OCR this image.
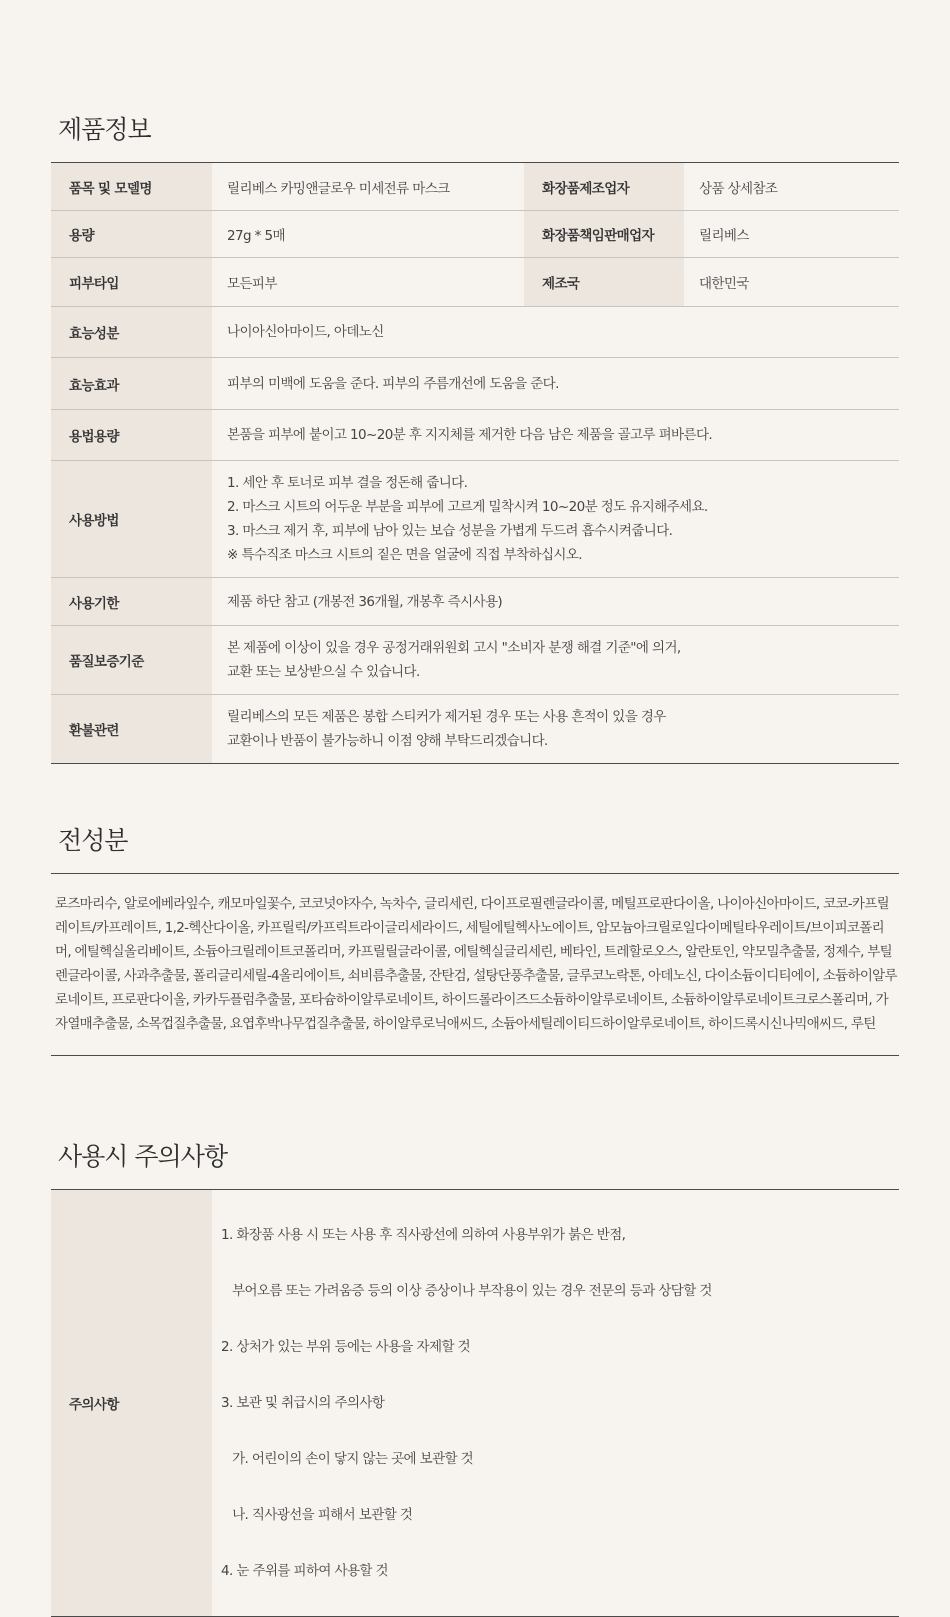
제품정보
품목 및 모델명	릴리베스 카밍앤글로우 미세전류 마스크	화장품제조업자	상품 상세참조
용량	27g * 5매	화장품책임판매업자	릴리베스
피부타입	모든피부	제조국	대한민국
효능성분	나이아신아마이드, 아데노신		

효능효과	피부의 미백에 도움을 준다. 피부의 주름개선에 도움을 준다.		

용법용량	본품을 피부에 붙이고 10~20분 후 지지체를 제거한 다음 남은 제품을 골고루 펴바른다.		

사용방법	1. 세안 후 토너로 피부 결을 정돈해 줍니다.
2. 마스크 시트의 어두운 부분을 피부에 고르게 밀착시켜 10~20분 정도 유지해주세요.
3. 마스크 제거 후, 피부에 남아 있는 보습 성분을 가볍게 두드려 흡수시켜줍니다.
※ 특수직조 마스크 시트의 짙은 면을 얼굴에 직접 부착하십시오.		

사용기한	제품 하단 참고 (개봉전 36개월, 개봉후 즉시사용)		

품질보증기준	본 제품에 이상이 있을 경우 공정거래위원회 고시 "소비자 분쟁 해결 기준"에 의거,
교환 또는 보상받으실 수 있습니다.		

환불관련	릴리베스의 모든 제품은 봉합 스티커가 제거된 경우 또는 사용 흔적이 있을 경우
교환이나 반품이 불가능하니 이점 양해 부탁드리겠습니다.		
전성분
로즈마리수, 알로에베라잎수, 캐모마일꽃수, 코코넛야자수, 녹차수, 글리세린, 다이프로필렌글라이콜, 메틸프로판다이올, 나이아신아마이드, 코코-카프릴레이트/카프레이트, 1,2-헥산다이올, 카프릴릭/카프릭트라이글리세라이드, 세틸에틸헥사노에이트, 암모늄아크릴로일다이메틸타우레이트/브이피코폴리머, 에틸헥실올리베이트, 소듐아크릴레이트코폴리머, 카프릴릴글라이콜, 에틸헥실글리세린, 베타인, 트레할로오스, 알란토인, 약모밀추출물, 정제수, 부틸렌글라이콜, 사과추출물, 폴리글리세릴-4올리에이트, 쇠비름추출물, 잔탄검, 설탕단풍추출물, 글루코노락톤, 아데노신, 다이소듐이디티에이, 소듐하이알루로네이트, 프로판다이올, 카카두플럼추출물, 포타슘하이알루로네이트, 하이드롤라이즈드소듐하이알루로네이트, 소듐하이알루로네이트크로스폴리머, 가자열매추출물, 소목껍질추출물, 요엽후박나무껍질추출물, 하이알루로닉애씨드, 소듐아세틸레이티드하이알루로네이트, 하이드록시신나믹애씨드, 루틴
사용시 주의사항
주의사항	

1. 화장품 사용 시 또는 사용 후 직사광선에 의하여 사용부위가 붉은 반점,

부어오름 또는 가려움증 등의 이상 증상이나 부작용이 있는 경우 전문의 등과 상담할 것

2. 상처가 있는 부위 등에는 사용을 자제할 것

3. 보관 및 취급시의 주의사항

가. 어린이의 손이 닿지 않는 곳에 보관할 것

나. 직사광선을 피해서 보관할 것

4. 눈 주위를 피하여 사용할 것
